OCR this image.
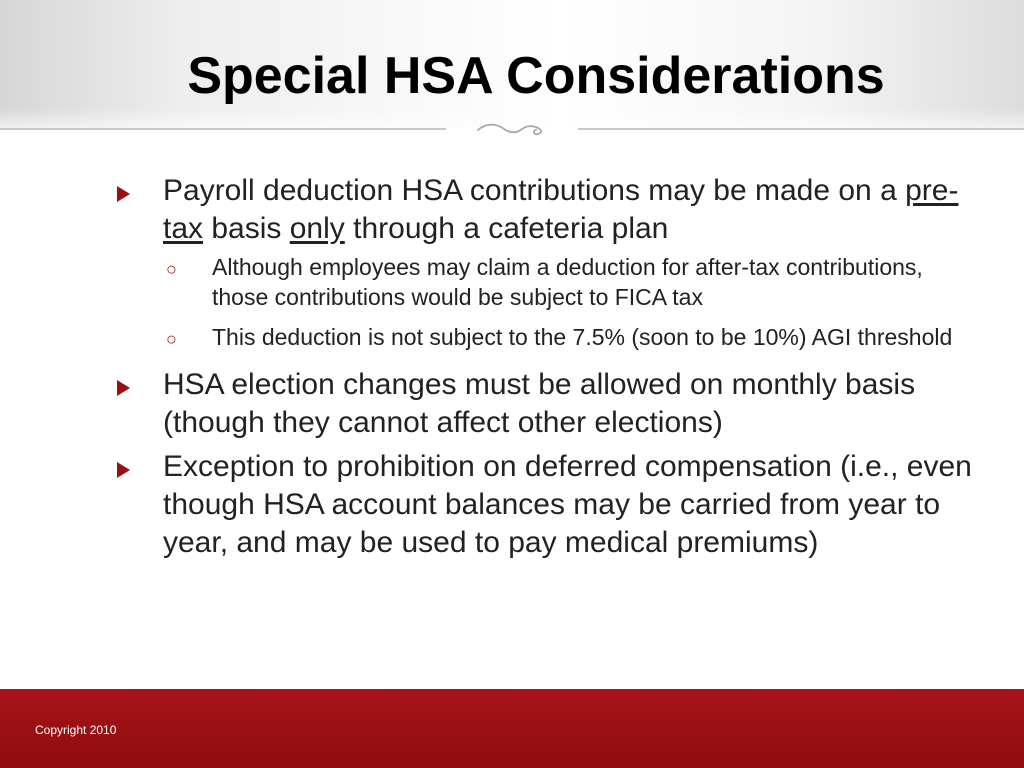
Special HSA Considerations
Payroll deduction HSA contributions may be made on a pre-tax basis only through a cafeteria plan
○ Although employees may claim a deduction for after-tax contributions, those contributions would be subject to FICA tax
○ This deduction is not subject to the 7.5% (soon to be 10%) AGI threshold
HSA election changes must be allowed on monthly basis (though they cannot affect other elections)
Exception to prohibition on deferred compensation (i.e., even though HSA account balances may be carried from year to year, and may be used to pay medical premiums)
Copyright 2010
